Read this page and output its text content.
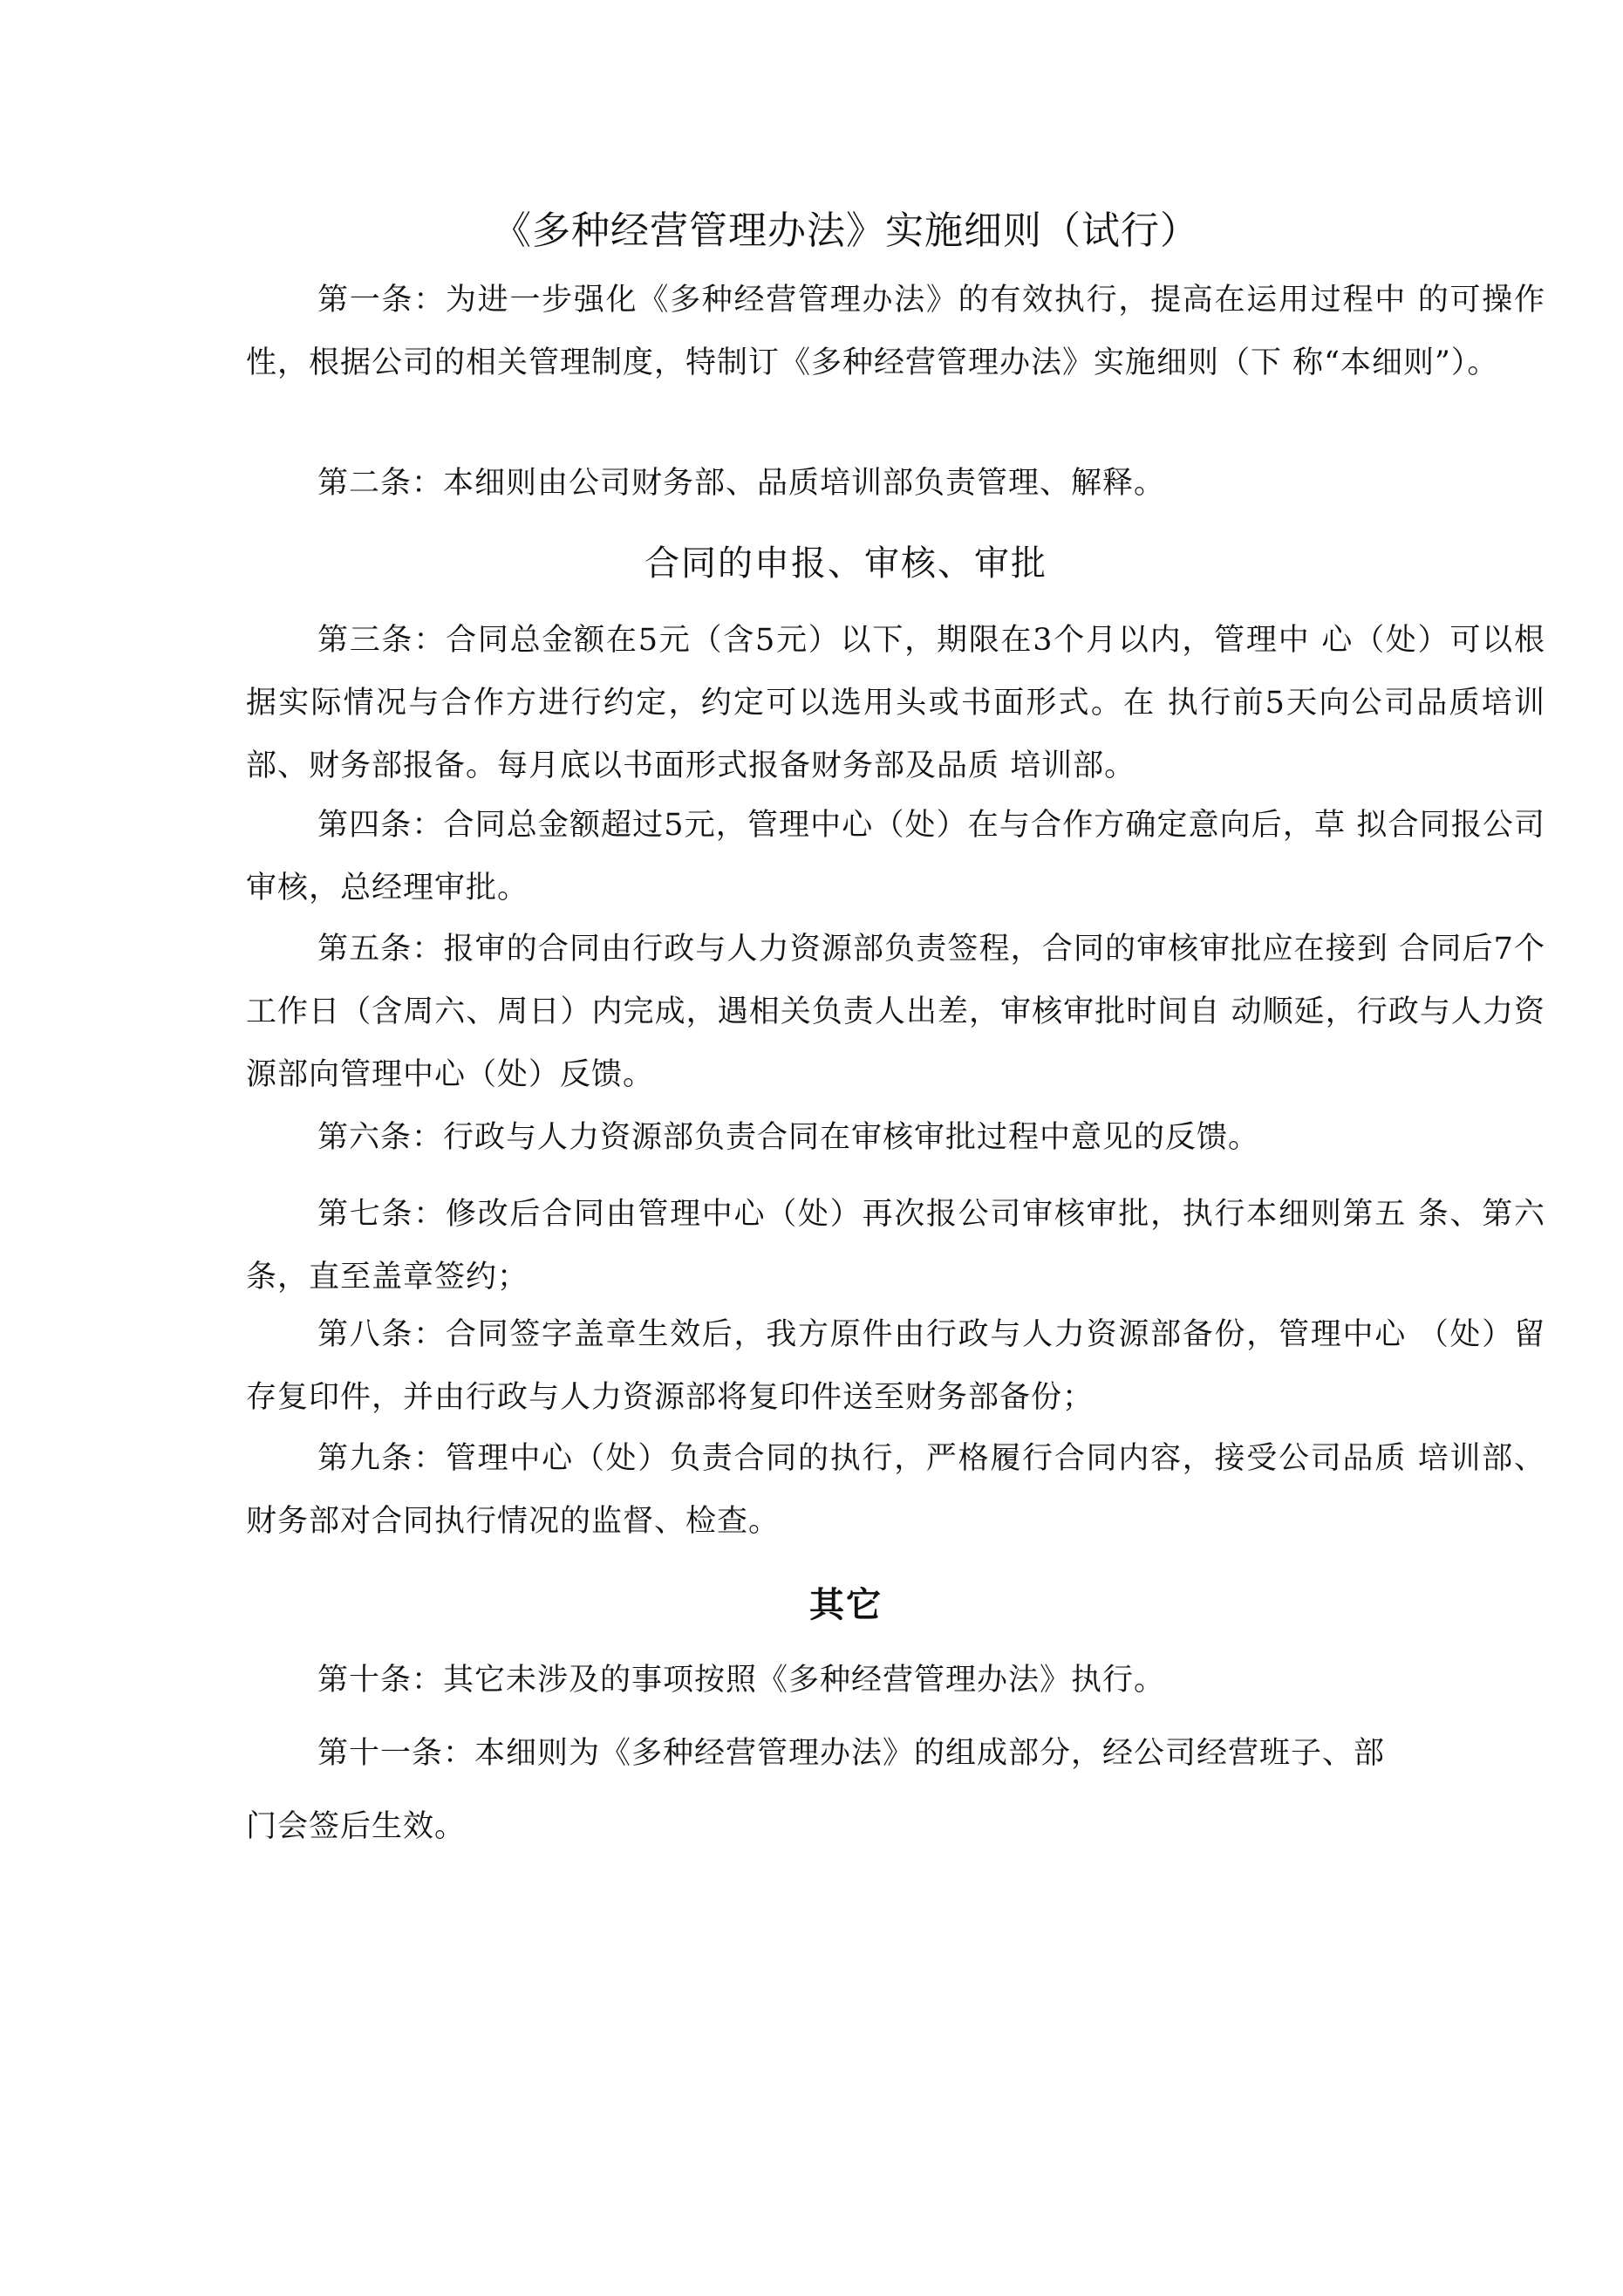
《多种经营管理办法》实施细则（试行）
第一条：为进一步强化《多种经营管理办法》的有效执行，提高在运用过程中 的可操作性，根据公司的相关管理制度，特制订《多种经营管理办法》实施细则（下 称“本细则”）。
第二条：本细则由公司财务部、品质培训部负责管理、解释。
合同的申报、审核、审批
第三条：合同总金额在5元（含5元）以下，期限在3个月以内，管理中 心（处）可以根据实际情况与合作方进行约定，约定可以选用头或书面形式。在 执行前5天向公司品质培训部、财务部报备。每月底以书面形式报备财务部及品质 培训部。
第四条：合同总金额超过5元，管理中心（处）在与合作方确定意向后，草 拟合同报公司审核，总经理审批。
第五条：报审的合同由行政与人力资源部负责签程，合同的审核审批应在接到 合同后7个工作日（含周六、周日）内完成，遇相关负责人出差，审核审批时间自 动顺延，行政与人力资源部向管理中心（处）反馈。
第六条：行政与人力资源部负责合同在审核审批过程中意见的反馈。
第七条：修改后合同由管理中心（处）再次报公司审核审批，执行本细则第五 条、第六条，直至盖章签约；
第八条：合同签字盖章生效后，我方原件由行政与人力资源部备份，管理中心 （处）留存复印件，并由行政与人力资源部将复印件送至财务部备份；
第九条：管理中心（处）负责合同的执行，严格履行合同内容，接受公司品质 培训部、财务部对合同执行情况的监督、检查。
其它
第十条：其它未涉及的事项按照《多种经营管理办法》执行。
第十一条：本细则为《多种经营管理办法》的组成部分，经公司经营班子、部
门会签后生效。
